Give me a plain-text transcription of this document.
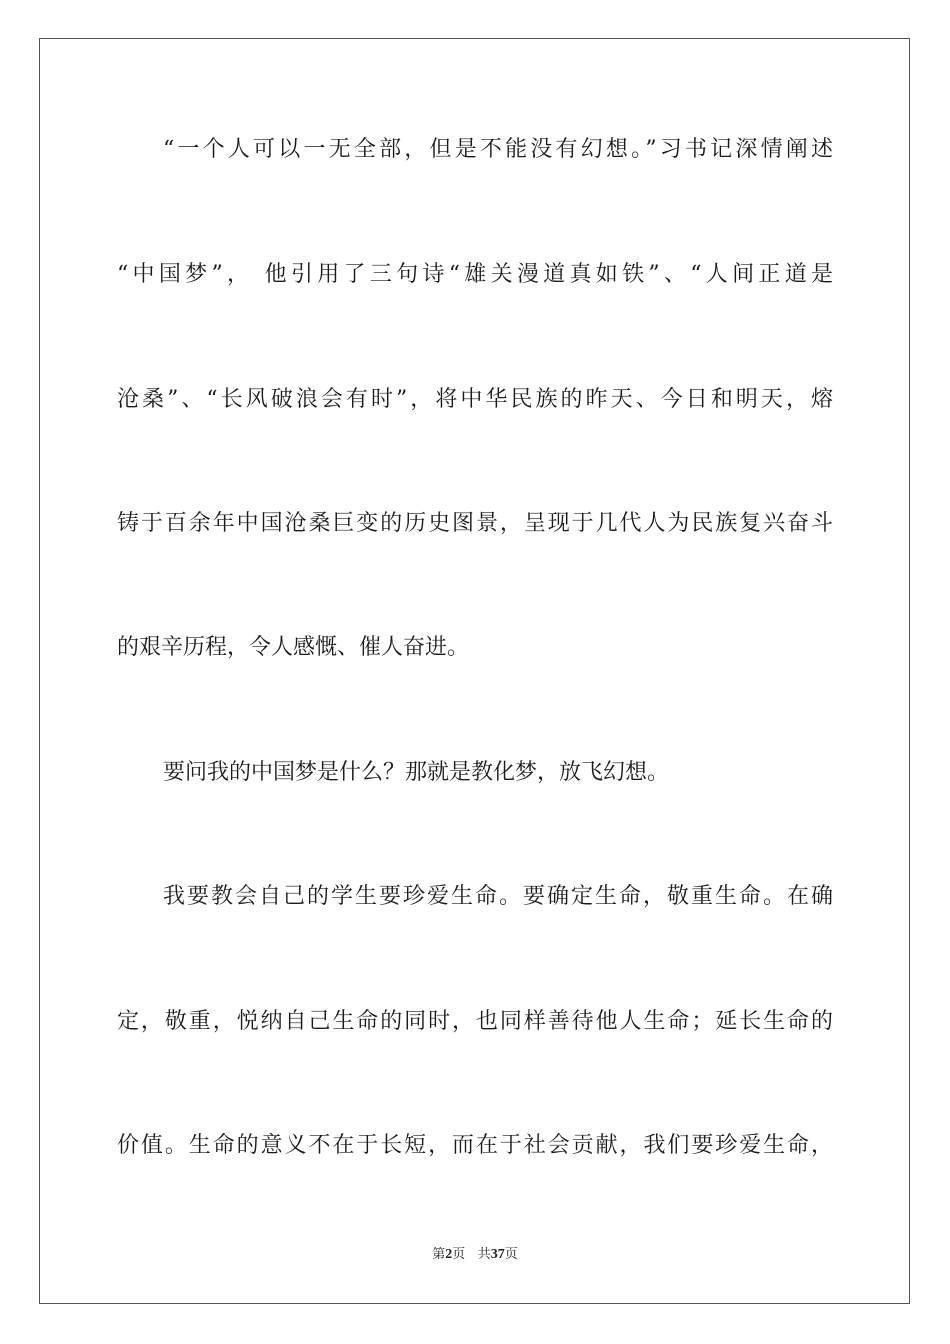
“一个人可以一无全部，但是不能没有幻想。”习书记深情阐述

“中国梦”， 他引用了三句诗“雄关漫道真如铁”、“人间正道是

沧桑”、“长风破浪会有时”，将中华民族的昨天、今日和明天，熔

铸于百余年中国沧桑巨变的历史图景，呈现于几代人为民族复兴奋斗

的艰辛历程，令人感慨、催人奋进。

要问我的中国梦是什么？那就是教化梦，放飞幻想。

我要教会自己的学生要珍爱生命。要确定生命，敬重生命。在确

定，敬重，悦纳自己生命的同时，也同样善待他人生命；延长生命的

价值。生命的意义不在于长短，而在于社会贡献，我们要珍爱生命，

第2页 共37页
